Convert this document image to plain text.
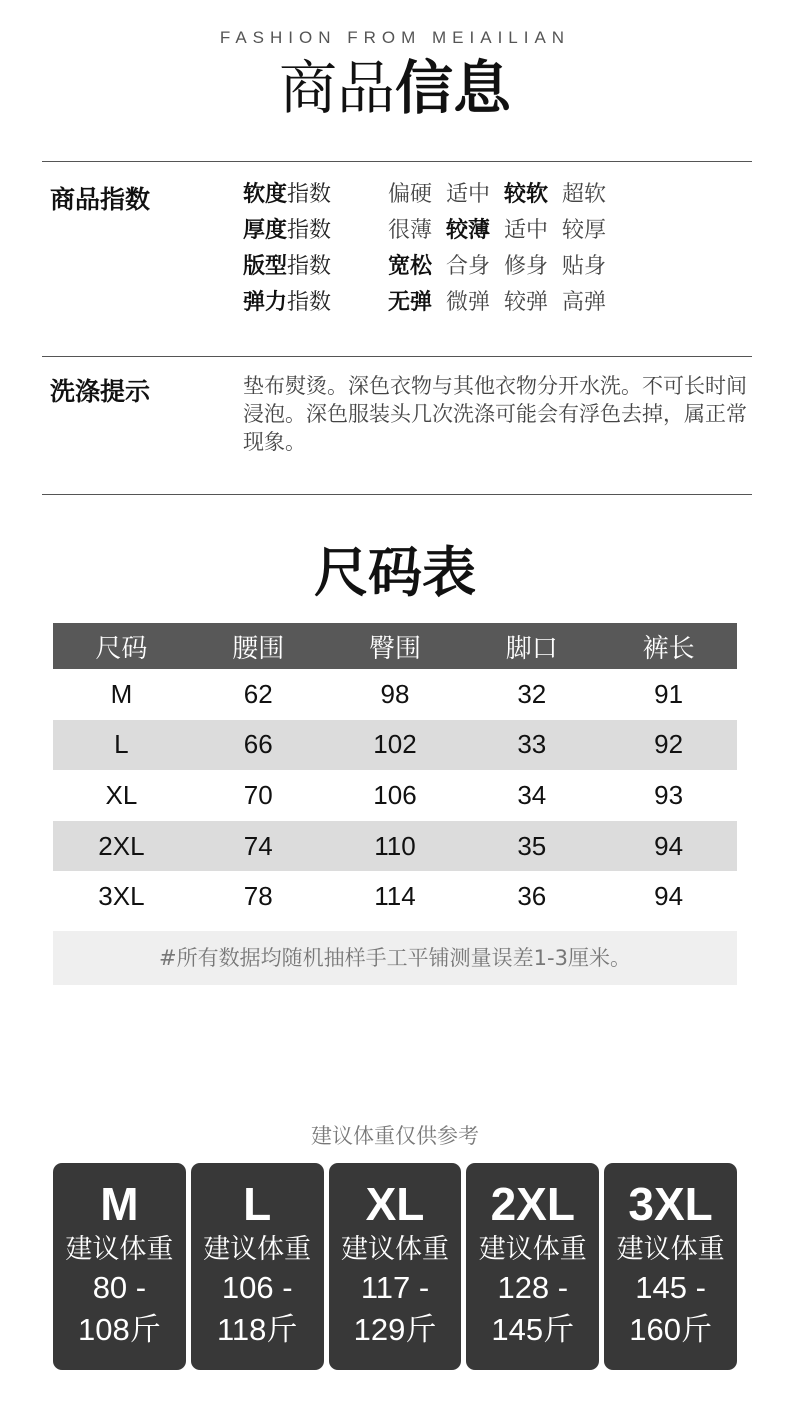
FASHION FROM MEIAILIAN
商品信息
商品指数	软度指数	偏硬 适中 较软 超软
厚度指数	很薄 较薄 适中 较厚
版型指数	宽松 合身 修身 贴身
弹力指数	无弹 微弹 较弹 高弹
洗涤提示	垫布熨烫。深色衣物与其他衣物分开水洗。不可长时间浸泡。深色服装头几次洗涤可能会有浮色去掉，属正常现象。
尺码表
尺码	腰围	臀围	脚口	裤长
M	62	98	32	91
L	66	102	33	92
XL	70	106	34	93
2XL	74	110	35	94
3XL	78	114	36	94
#所有数据均随机抽样手工平铺测量误差1-3厘米。
建议体重仅供参考
M
建议体重
80 -
108斤
L
建议体重
106 -
118斤
XL
建议体重
117 -
129斤
2XL
建议体重
128 -
145斤
3XL
建议体重
145 -
160斤
